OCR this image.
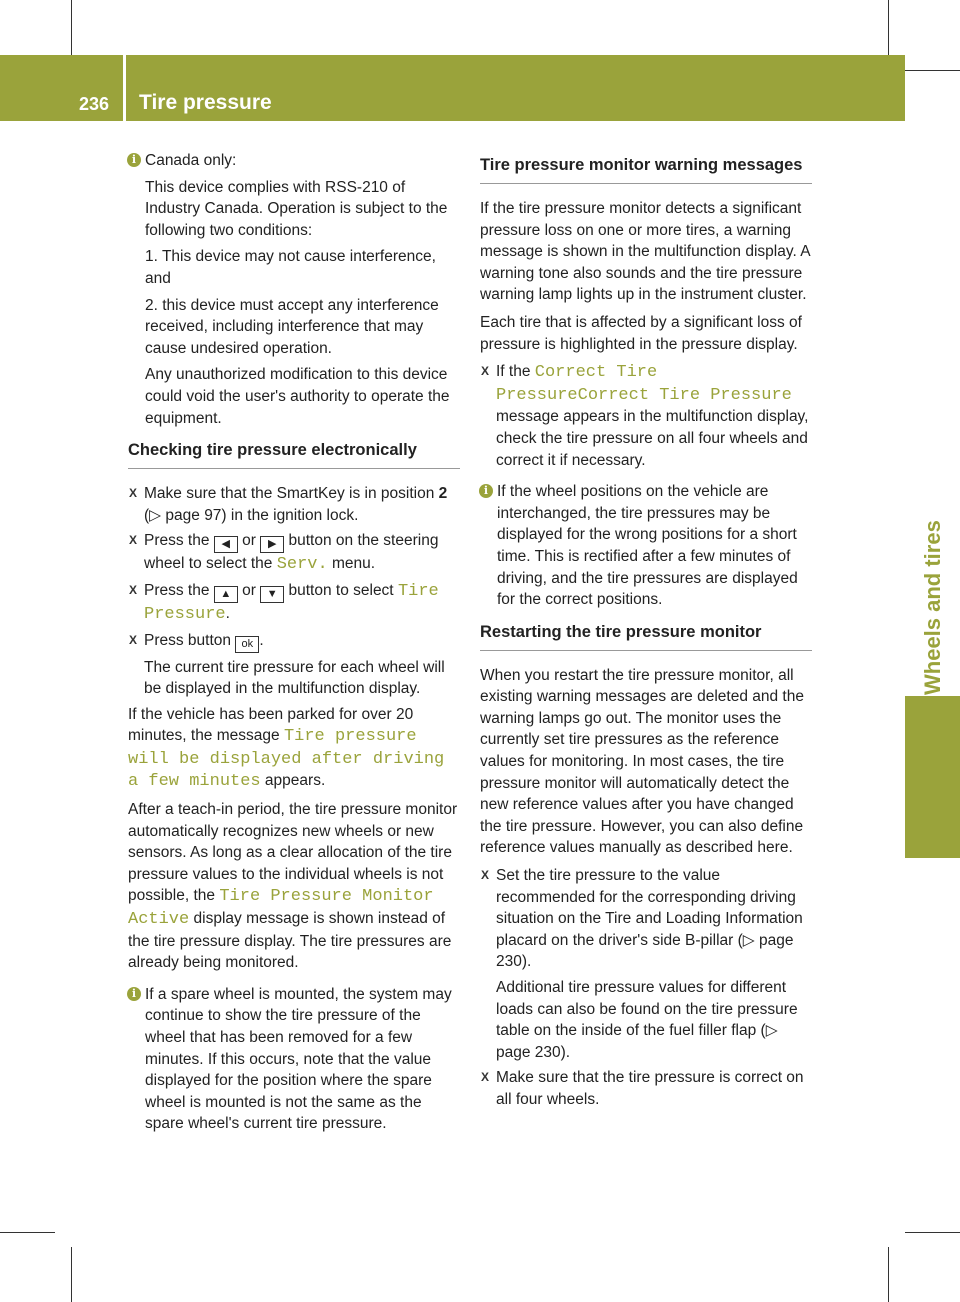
236 Tire pressure
Wheels and tires
i Canada only:

This device complies with RSS-210 of Industry Canada. Operation is subject to the following two conditions:

1. This device may not cause interference, and

2. this device must accept any interference received, including interference that may cause undesired operation.

Any unauthorized modification to this device could void the user's authority to operate the equipment.

Checking tire pressure electronically
X Make sure that the SmartKey is in position 2 (▷ page 97) in the ignition lock.

X Press the ◀ or ▶ button on the steering wheel to select the Serv. menu.

X Press the ▲ or ▼ button to select Tire Pressure.

X Press button ok .

The current tire pressure for each wheel will be displayed in the multifunction display.

If the vehicle has been parked for over 20 minutes, the message Tire pressure will be displayed after driving a few minutes appears.

After a teach-in period, the tire pressure monitor automatically recognizes new wheels or new sensors. As long as a clear allocation of the tire pressure values to the individual wheels is not possible, the Tire Pressure Monitor Active display message is shown instead of the tire pressure display. The tire pressures are already being monitored.

i If a spare wheel is mounted, the system may continue to show the tire pressure of the wheel that has been removed for a few minutes. If this occurs, note that the value displayed for the position where the spare wheel is mounted is not the same as the spare wheel's current tire pressure.

Tire pressure monitor warning messages

If the tire pressure monitor detects a significant pressure loss on one or more tires, a warning message is shown in the multifunction display. A warning tone also sounds and the tire pressure warning lamp lights up in the instrument cluster.

Each tire that is affected by a significant loss of pressure is highlighted in the pressure display.

X If the Correct Tire PressureCorrect Tire Pressure message appears in the multifunction display, check the tire pressure on all four wheels and correct it if necessary.

i If the wheel positions on the vehicle are interchanged, the tire pressures may be displayed for the wrong positions for a short time. This is rectified after a few minutes of driving, and the tire pressures are displayed for the correct positions.

Restarting the tire pressure monitor

When you restart the tire pressure monitor, all existing warning messages are deleted and the warning lamps go out. The monitor uses the currently set tire pressures as the reference values for monitoring. In most cases, the tire pressure monitor will automatically detect the new reference values after you have changed the tire pressure. However, you can also define reference values manually as described here.

X Set the tire pressure to the value recommended for the corresponding driving situation on the Tire and Loading Information placard on the driver's side B-pillar (▷ page 230).

Additional tire pressure values for different loads can also be found on the tire pressure table on the inside of the fuel filler flap (▷ page 230).

X Make sure that the tire pressure is correct on all four wheels.
